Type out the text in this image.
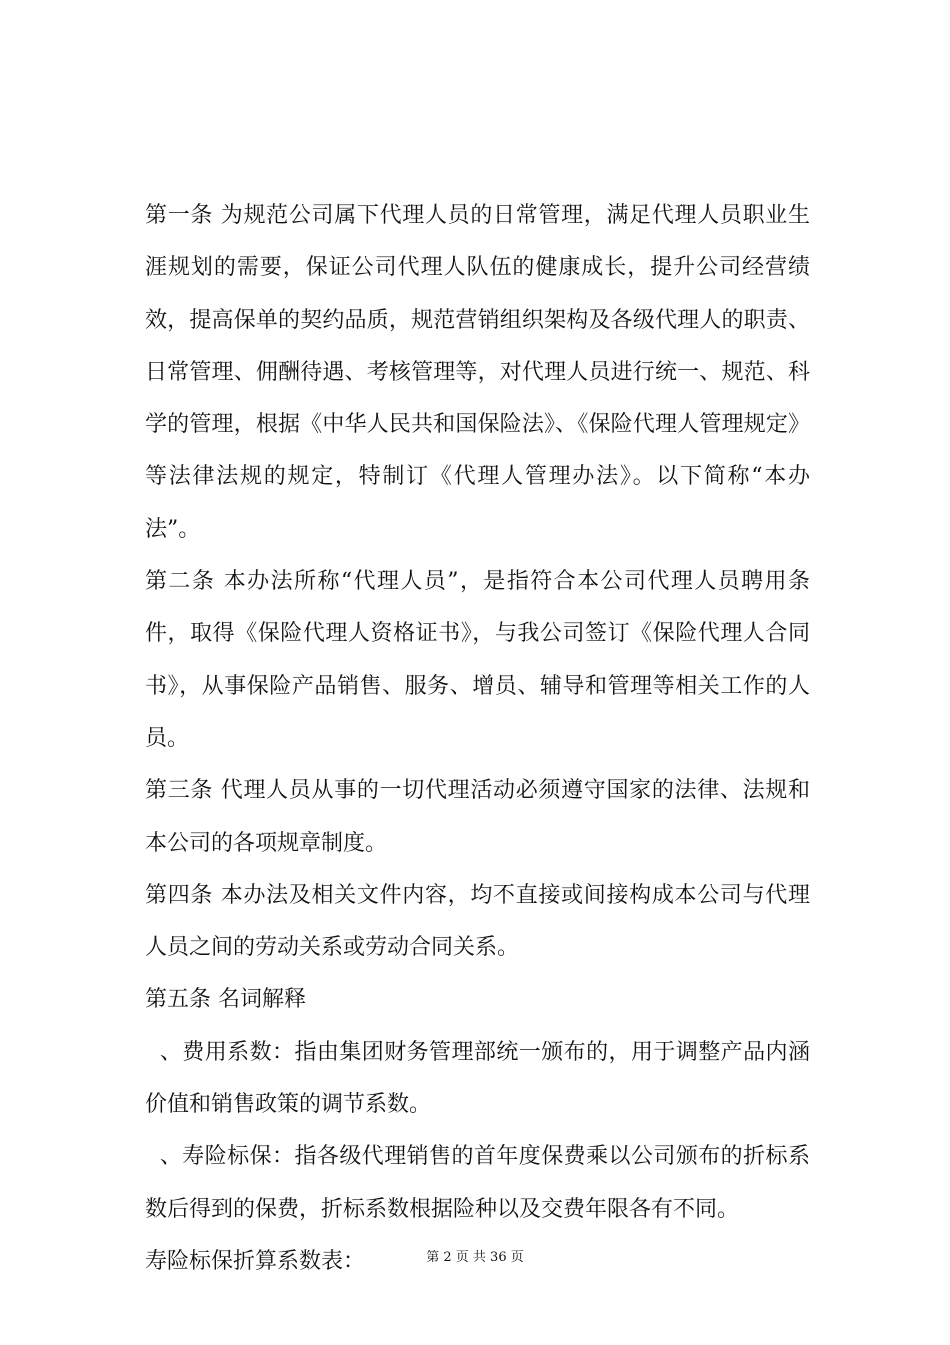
第一条 为规范公司属下代理人员的日常管理，满足代理人员职业生涯规划的需要，保证公司代理人队伍的健康成长，提升公司经营绩效，提高保单的契约品质，规范营销组织架构及各级代理人的职责、日常管理、佣酬待遇、考核管理等，对代理人员进行统一、规范、科学的管理，根据《中华人民共和国保险法》、《保险代理人管理规定》等法律法规的规定，特制订《代理人管理办法》。以下简称“本办法”。

第二条 本办法所称“代理人员”，是指符合本公司代理人员聘用条件，取得《保险代理人资格证书》，与我公司签订《保险代理人合同书》，从事保险产品销售、服务、增员、辅导和管理等相关工作的人员。

第三条 代理人员从事的一切代理活动必须遵守国家的法律、法规和本公司的各项规章制度。

第四条 本办法及相关文件内容，均不直接或间接构成本公司与代理人员之间的劳动关系或劳动合同关系。

第五条 名词解释

、费用系数：指由集团财务管理部统一颁布的，用于调整产品内涵价值和销售政策的调节系数。

、寿险标保：指各级代理销售的首年度保费乘以公司颁布的折标系数后得到的保费，折标系数根据险种以及交费年限各有不同。

寿险标保折算系数表：	第 2 页 共 36 页
